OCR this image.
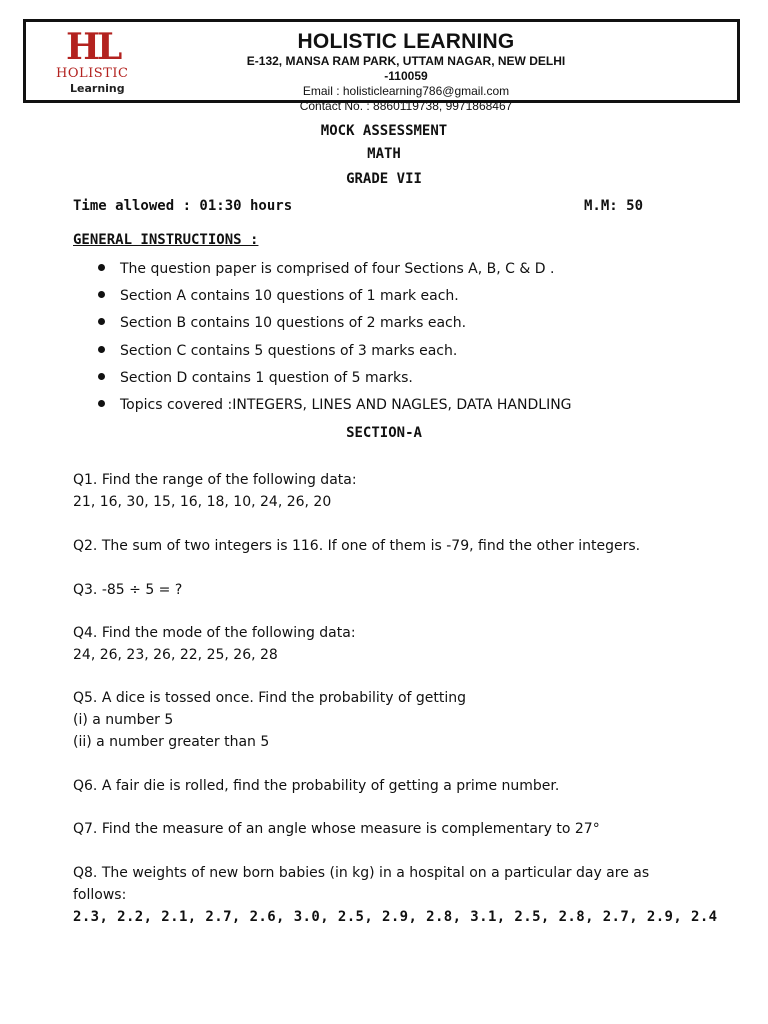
HL
HOLISTIC
Learning
HOLISTIC LEARNING
E-132, MANSA RAM PARK, UTTAM NAGAR, NEW DELHI -110059
Email : holisticlearning786@gmail.com
Contact No. : 8860119738, 9971868467
MOCK ASSESSMENT
MATH
GRADE VII
Time allowed : 01:30 hours	M.M: 50
GENERAL INSTRUCTIONS :
The question paper is comprised of four Sections A, B, C & D .
Section A contains 10 questions of 1 mark each.
Section B contains 10 questions of 2 marks each.
Section C contains 5 questions of 3 marks each.
Section D contains 1 question of 5 marks.
Topics covered :INTEGERS, LINES AND NAGLES, DATA HANDLING
SECTION-A
Q1. Find the range of the following data:
21, 16, 30, 15, 16, 18, 10, 24, 26, 20
Q2. The sum of two integers is 116. If one of them is -79, find the other integers.
Q3. -85 ÷ 5 = ?
Q4. Find the mode of the following data:
24, 26, 23, 26, 22, 25, 26, 28
Q5. A dice is tossed once. Find the probability of getting
(i) a number 5
(ii) a number greater than 5
Q6. A fair die is rolled, find the probability of getting a prime number.
Q7. Find the measure of an angle whose measure is complementary to 27°
Q8. The weights of new born babies (in kg) in a hospital on a particular day are as
follows:
2.3, 2.2, 2.1, 2.7, 2.6, 3.0, 2.5, 2.9, 2.8, 3.1, 2.5, 2.8, 2.7, 2.9, 2.4
